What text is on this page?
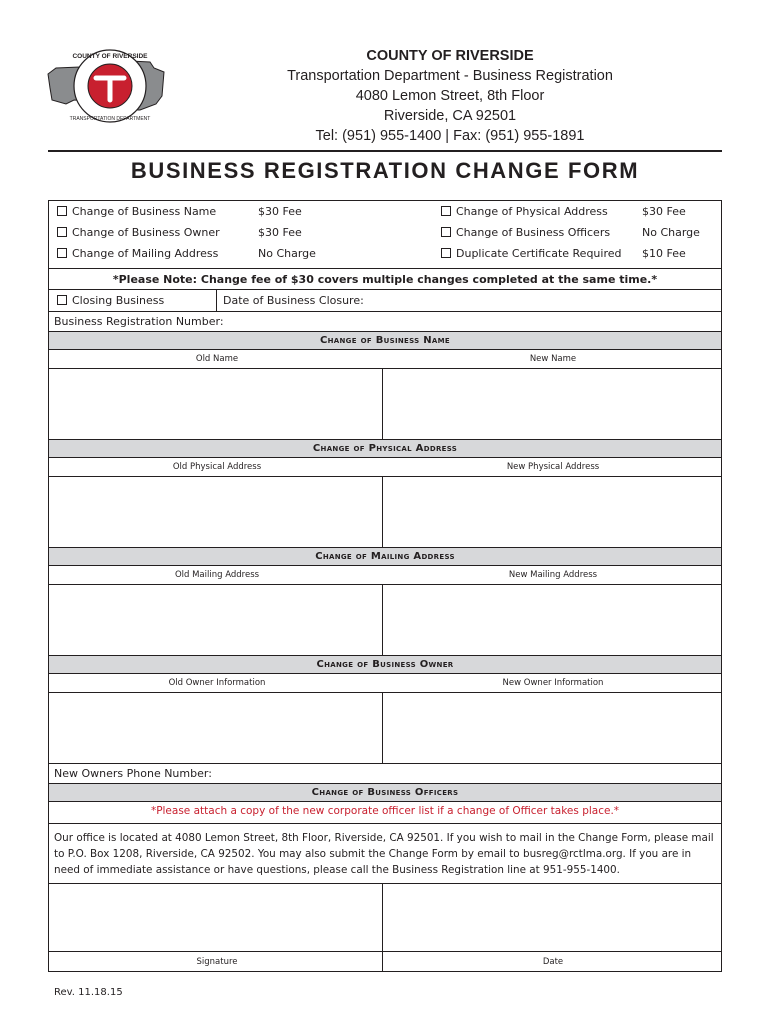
COUNTY OF RIVERSIDE
TRANSPORTATION DEPARTMENT
COUNTY OF RIVERSIDE
Transportation Department - Business Registration
4080 Lemon Street, 8th Floor
Riverside, CA 92501
Tel: (951) 955-1400 | Fax: (951) 955-1891
BUSINESS REGISTRATION CHANGE FORM
Change of Business Name	$30 Fee	Change of Physical Address	$30 Fee
Change of Business Owner	$30 Fee	Change of Business Officers	No Charge
Change of Mailing Address	No Charge	Duplicate Certificate Required $10 Fee
*Please Note: Change fee of $30 covers multiple changes completed at the same time.*
Closing Business	Date of Business Closure:
Business Registration Number:
Change of Business Name
Old Name	New Name
Change of Physical Address
Old Physical Address	New Physical Address
Change of Mailing Address
Old Mailing Address	New Mailing Address
Change of Business Owner
Old Owner Information	New Owner Information
New Owners Phone Number:
Change of Business Officers
*Please attach a copy of the new corporate officer list if a change of Officer takes place.*
Our office is located at 4080 Lemon Street, 8th Floor, Riverside, CA 92501. If you wish to mail in the Change Form, please mail to P.O. Box 1208, Riverside, CA 92502. You may also submit the Change Form by email to busreg@rctlma.org. If you are in need of immediate assistance or have questions, please call the Business Registration line at 951-955-1400.
Signature	Date
Rev. 11.18.15
